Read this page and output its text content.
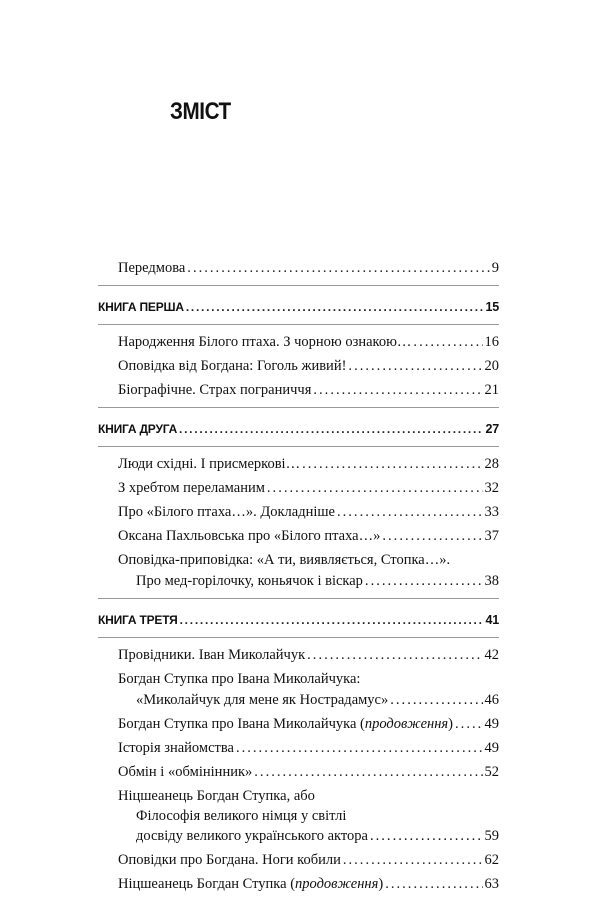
ЗМІСТ
Передмова . . .	9
КНИГА ПЕРША . . .	15
Народження Білого птаха. З чорною ознакою… . . .	16
Оповідка від Богдана: Гоголь живий! . . .	20
Біографічне. Страх пограниччя . . .	21
КНИГА ДРУГА . . .	27
Люди східні. І присмеркові… . . .	28
З хребтом переламаним . . .	32
Про «Білого птаха…». Докладніше . . .	33
Оксана Пахльовська про «Білого птаха…» . . .	37
Оповідка-приповідка: «А ти, виявляється, Стопка…».
Про мед-горілочку, коньячок і віскар . . .	38
КНИГА ТРЕТЯ . . .	41
Провідники. Іван Миколайчук . . .	42
Богдан Ступка про Івана Миколайчука:
«Миколайчук для мене як Нострадамус» . . .	46
Богдан Ступка про Івана Миколайчука (продовження) . . . 49
Історія знайомства . . .	49
Обмін і «обмінінник» . . .	52
Ніцшеанець Богдан Ступка, або
Філософія великого німця у світлі
досвіду великого українського актора . . .	59
Оповідки про Богдана. Ноги кобили . . .	62
Ніцшеанець Богдан Ступка (продовження) . . .	63
